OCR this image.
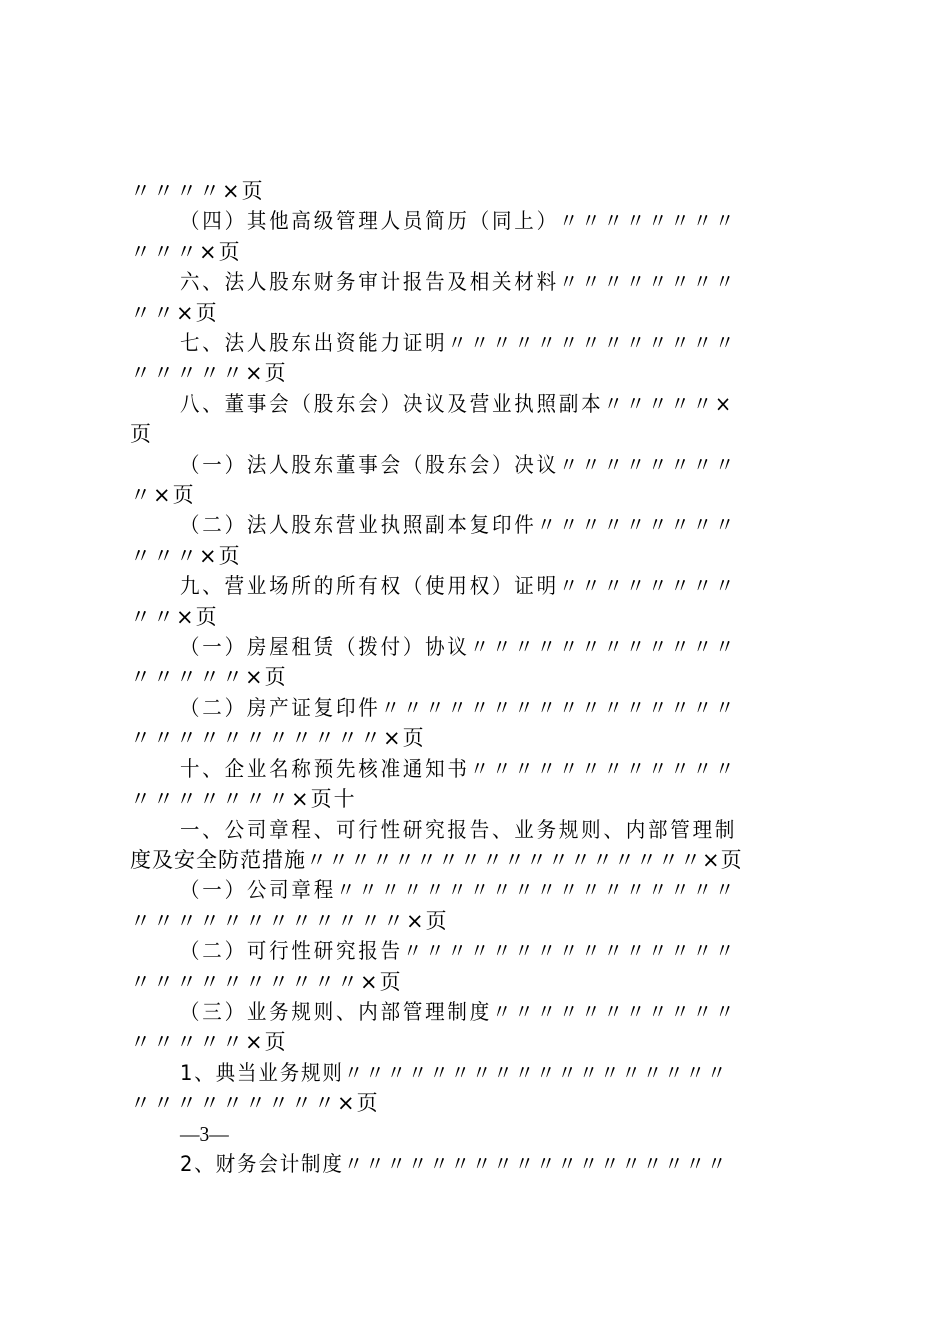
〃〃〃〃×页
（四）其他高级管理人员简历（同上）〃〃〃〃〃〃〃〃
〃〃〃×页
六、法人股东财务审计报告及相关材料〃〃〃〃〃〃〃〃
〃〃×页
七、法人股东出资能力证明〃〃〃〃〃〃〃〃〃〃〃〃〃
〃〃〃〃〃×页
八、董事会（股东会）决议及营业执照副本〃〃〃〃〃×
页
（一）法人股东董事会（股东会）决议〃〃〃〃〃〃〃〃
〃×页
（二）法人股东营业执照副本复印件〃〃〃〃〃〃〃〃〃
〃〃〃×页
九、营业场所的所有权（使用权）证明〃〃〃〃〃〃〃〃
〃〃×页
（一）房屋租赁（拨付）协议〃〃〃〃〃〃〃〃〃〃〃〃
〃〃〃〃〃×页
（二）房产证复印件〃〃〃〃〃〃〃〃〃〃〃〃〃〃〃〃
〃〃〃〃〃〃〃〃〃〃〃×页
十、企业名称预先核准通知书〃〃〃〃〃〃〃〃〃〃〃〃
〃〃〃〃〃〃〃×页十
一、公司章程、可行性研究报告、业务规则、内部管理制
度及安全防范措施〃〃〃〃〃〃〃〃〃〃〃〃〃〃〃〃〃〃×页
（一）公司章程〃〃〃〃〃〃〃〃〃〃〃〃〃〃〃〃〃〃
〃〃〃〃〃〃〃〃〃〃〃〃×页
（二）可行性研究报告〃〃〃〃〃〃〃〃〃〃〃〃〃〃〃
〃〃〃〃〃〃〃〃〃〃×页
（三）业务规则、内部管理制度〃〃〃〃〃〃〃〃〃〃〃
〃〃〃〃〃×页
1、典当业务规则〃〃〃〃〃〃〃〃〃〃〃〃〃〃〃〃〃〃
〃〃〃〃〃〃〃〃〃×页
—3—
2、财务会计制度〃〃〃〃〃〃〃〃〃〃〃〃〃〃〃〃〃〃
